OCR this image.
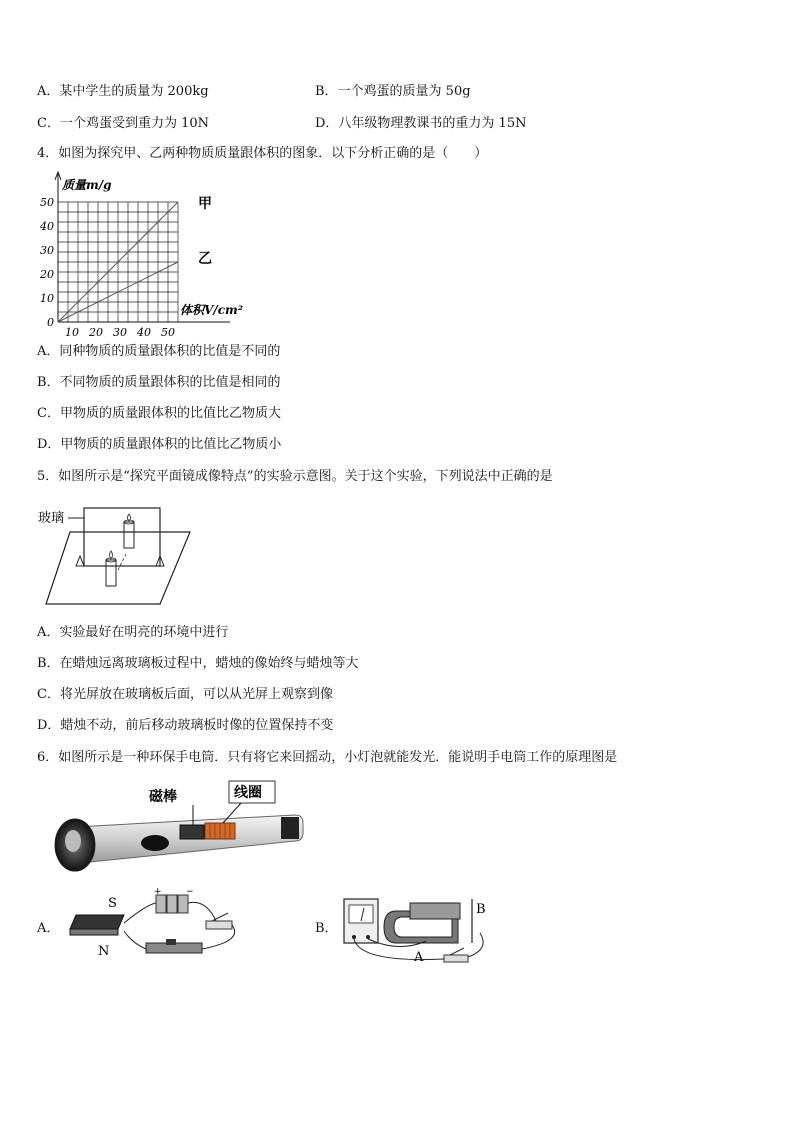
A．某中学生的质量为 200kg	B．一个鸡蛋的质量为 50g
C．一个鸡蛋受到重力为 10N	D．八年级物理教课书的重力为 15N
4．如图为探究甲、乙两种物质质量跟体积的图象．以下分析正确的是（　　）
0
10
20
30
40
50
10 20 30 40 50
质量m/g
体积V/cm²
甲
乙
A．同种物质的质量跟体积的比值是不同的
B．不同物质的质量跟体积的比值是相同的
C．甲物质的质量跟体积的比值比乙物质大
D．甲物质的质量跟体积的比值比乙物质小
5．如图所示是“探究平面镜成像特点”的实验示意图。关于这个实验，下列说法中正确的是
玻璃
A．实验最好在明亮的环境中进行
B．在蜡烛远离玻璃板过程中，蜡烛的像始终与蜡烛等大
C．将光屏放在玻璃板后面，可以从光屏上观察到像
D．蜡烛不动，前后移动玻璃板时像的位置保持不变
6．如图所示是一种环保手电筒．只有将它来回摇动，小灯泡就能发光．能说明手电筒工作的原理图是
磁棒	线圈
A．
S
N
+	−
B．
B
A
